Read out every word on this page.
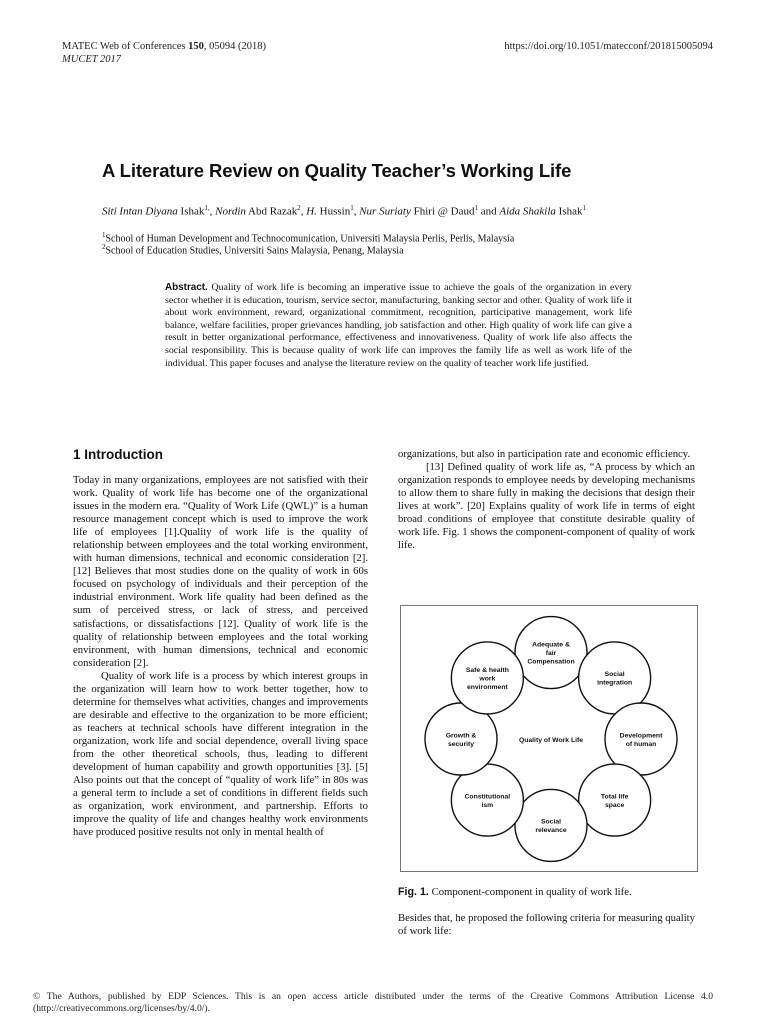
MATEC Web of Conferences 150, 05094 (2018)
MUCET 2017
https://doi.org/10.1051/matecconf/201815005094
A Literature Review on Quality Teacher’s Working Life
Siti Intan Diyana Ishak$^{1,}$, Nordin Abd Razak$^2$, H. Hussin$^1$, Nur Suriaty Fhiri @ Daud$^1$ and Aida Shakila Ishak$^1$
$^1$School of Human Development and Technocomunication, Universiti Malaysia Perlis, Perlis, Malaysia
$^2$School of Education Studies, Universiti Sains Malaysia, Penang, Malaysia
Abstract. Quality of work life is becoming an imperative issue to achieve the goals of the organization in every sector whether it is education, tourism, service sector, manufacturing, banking sector and other. Quality of work life it about work environment, reward, organizational commitment, recognition, participative management, work life balance, welfare facilities, proper grievances handling, job satisfaction and other. High quality of work life can give a result in better organizational performance, effectiveness and innovativeness. Quality of work life also affects the social responsibility. This is because quality of work life can improves the family life as well as work life of the individual. This paper focuses and analyse the literature review on the quality of teacher work life justified.
1 Introduction

Today in many organizations, employees are not satisfied with their work. Quality of work life has become one of the organizational issues in the modern era. “Quality of Work Life (QWL)” is a human resource management concept which is used to improve the work life of employees [1].Quality of work life is the quality of relationship between employees and the total working environment, with human dimensions, technical and economic consideration [2]. [12] Believes that most studies done on the quality of work in 60s focused on psychology of individuals and their perception of the industrial environment. Work life quality had been defined as the sum of perceived stress, or lack of stress, and perceived satisfactions, or dissatisfactions [12]. Quality of work life is the quality of relationship between employees and the total working environment, with human dimensions, technical and economic consideration [2].

Quality of work life is a process by which interest groups in the organization will learn how to work better together, how to determine for themselves what activities, changes and improvements are desirable and effective to the organization to be more efficient; as teachers at technical schools have different integration in the organization, work life and social dependence, overall living space from the other theoretical schools, thus, leading to different development of human capability and growth opportunities [3]. [5] Also points out that the concept of “quality of work life” in 80s was a general term to include a set of conditions in different fields such as organization, work environment, and partnership. Efforts to improve the quality of life and changes healthy work environments have produced positive results not only in mental health of

organizations, but also in participation rate and economic efficiency.

[13] Defined quality of work life as, “A process by which an organization responds to employee needs by developing mechanisms to allow them to share fully in making the decisions that design their lives at work”. [20] Explains quality of work life in terms of eight broad conditions of employee that constitute desirable quality of work life. Fig. 1 shows the component-component of quality of work life.

Adequate &
fair
Compensation
Social
integration
Development
of human
Total life
space
Social
relevance
Constitutional
ism
Growth &
security
Safe & health
work
environment
Quality of Work Life
Fig. 1. Component-component in quality of work life.

Besides that, he proposed the following criteria for measuring quality of work life:

© The Authors, published by EDP Sciences. This is an open access article distributed under the terms of the Creative Commons Attribution License 4.0 (http://creativecommons.org/licenses/by/4.0/).
